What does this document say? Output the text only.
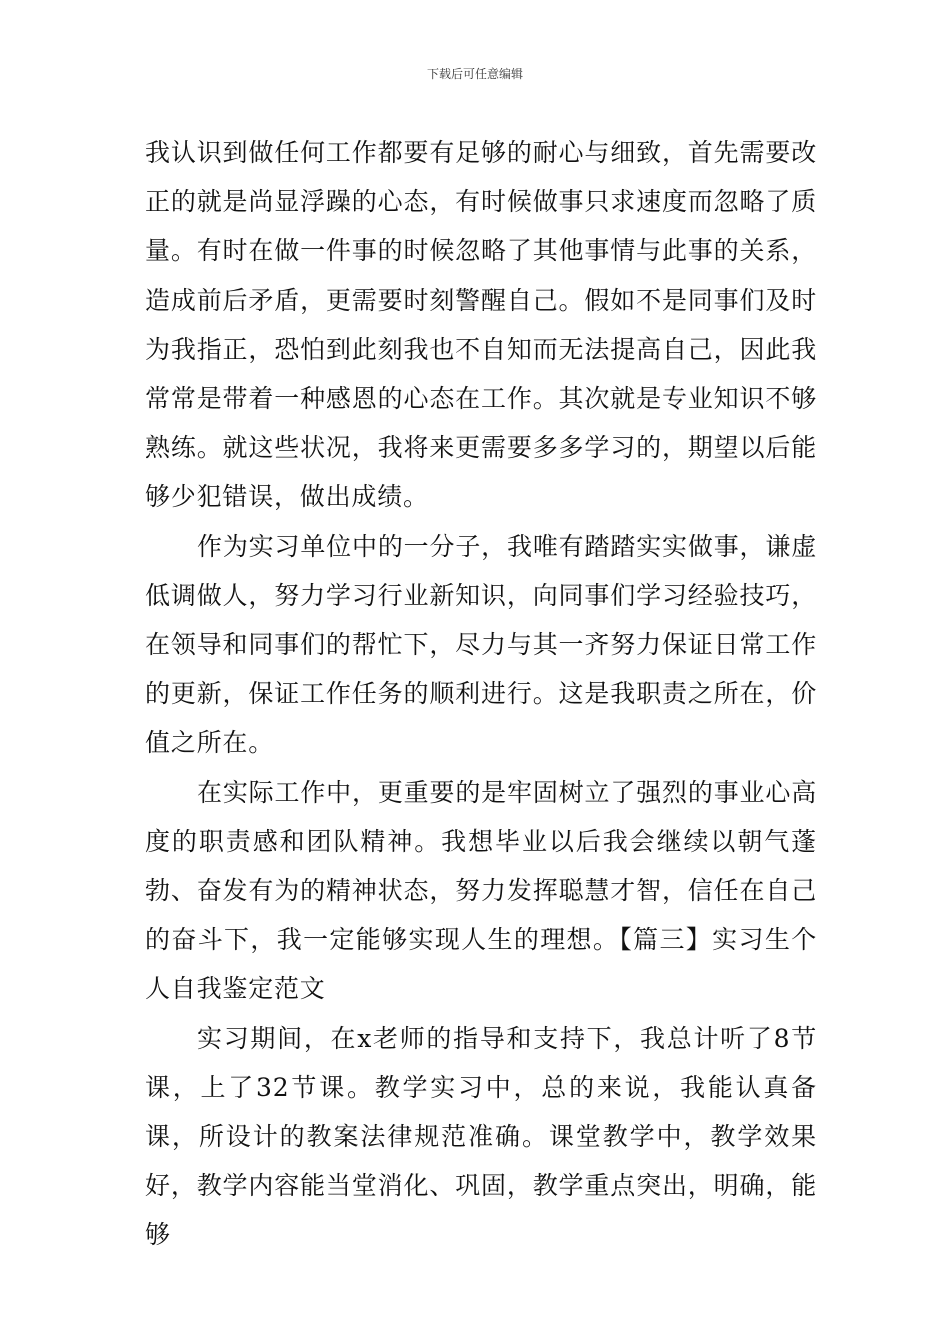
下载后可任意编辑

我认识到做任何工作都要有足够的耐心与细致，首先需要改正的就是尚显浮躁的心态，有时候做事只求速度而忽略了质量。有时在做一件事的时候忽略了其他事情与此事的关系，造成前后矛盾，更需要时刻警醒自己。假如不是同事们及时为我指正，恐怕到此刻我也不自知而无法提高自己，因此我常常是带着一种感恩的心态在工作。其次就是专业知识不够熟练。就这些状况，我将来更需要多多学习的，期望以后能够少犯错误，做出成绩。

作为实习单位中的一分子，我唯有踏踏实实做事，谦虚低调做人，努力学习行业新知识，向同事们学习经验技巧，在领导和同事们的帮忙下，尽力与其一齐努力保证日常工作的更新，保证工作任务的顺利进行。这是我职责之所在，价值之所在。

在实际工作中，更重要的是牢固树立了强烈的事业心高度的职责感和团队精神。我想毕业以后我会继续以朝气蓬勃、奋发有为的精神状态，努力发挥聪慧才智，信任在自己的奋斗下，我一定能够实现人生的理想。【篇三】实习生个人自我鉴定范文

实习期间，在x老师的指导和支持下，我总计听了8节课，上了32节课。教学实习中，总的来说，我能认真备课，所设计的教案法律规范准确。课堂教学中，教学效果好，教学内容能当堂消化、巩固，教学重点突出，明确，能够
